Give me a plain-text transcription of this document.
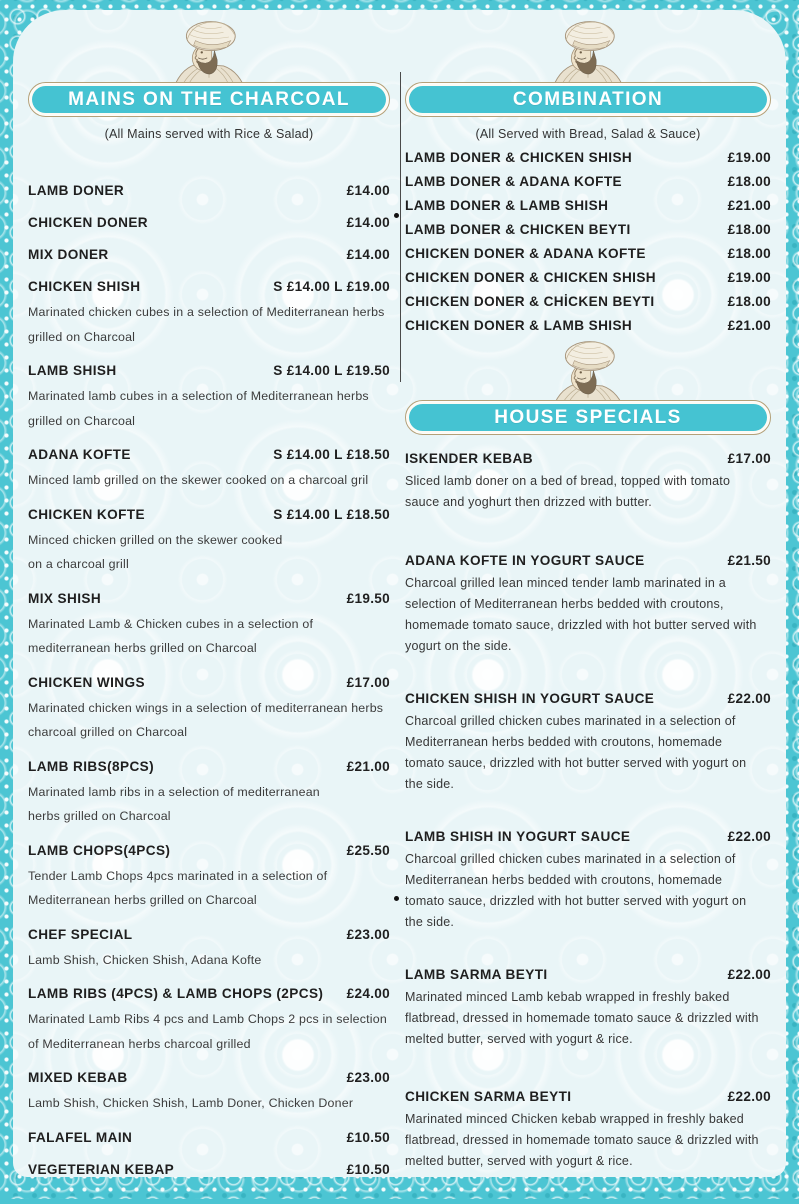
MAINS ON THE CHARCOAL
(All Mains served with Rice & Salad)
LAMB DONER	£14.00
CHICKEN DONER	£14.00
MIX DONER	£14.00
CHICKEN SHISH	S £14.00 L £19.00
Marinated chicken cubes in a selection of Mediterranean herbs
grilled on Charcoal
LAMB SHISH	S £14.00 L £19.50
Marinated lamb cubes in a selection of Mediterranean herbs
grilled on Charcoal
ADANA KOFTE	S £14.00 L £18.50
Minced lamb grilled on the skewer cooked on a charcoal gril
CHICKEN KOFTE	S £14.00 L £18.50
Minced chicken grilled on the skewer cooked
on a charcoal grill
MIX SHISH	£19.50
Marinated Lamb & Chicken cubes in a selection of
mediterranean herbs grilled on Charcoal
CHICKEN WINGS	£17.00
Marinated chicken wings in a selection of mediterranean herbs
charcoal grilled on Charcoal
LAMB RIBS(8PCS)	£21.00
Marinated lamb ribs in a selection of mediterranean
herbs grilled on Charcoal
LAMB CHOPS(4PCS)	£25.50
Tender Lamb Chops 4pcs marinated in a selection of
Mediterranean herbs grilled on Charcoal
CHEF SPECIAL	£23.00
Lamb Shish, Chicken Shish, Adana Kofte
LAMB RIBS (4PCS) & LAMB CHOPS (2PCS)	£24.00
Marinated Lamb Ribs 4 pcs and Lamb Chops 2 pcs in selection
of Mediterranean herbs charcoal grilled
MIXED KEBAB	£23.00
Lamb Shish, Chicken Shish, Lamb Doner, Chicken Doner
FALAFEL MAIN	£10.50
VEGETERIAN KEBAP	£10.50
COMBINATION
(All Served with Bread, Salad & Sauce)
LAMB DONER & CHICKEN SHISH	£19.00
LAMB DONER & ADANA KOFTE	£18.00
LAMB DONER & LAMB SHISH	£21.00
LAMB DONER & CHICKEN BEYTI	£18.00
CHICKEN DONER & ADANA KOFTE	£18.00
CHICKEN DONER & CHICKEN SHISH	£19.00
CHICKEN DONER & CHİCKEN BEYTI	£18.00
CHICKEN DONER & LAMB SHISH	£21.00
HOUSE SPECIALS
ISKENDER KEBAB	£17.00
Sliced lamb doner on a bed of bread, topped with tomato
sauce and yoghurt then drizzed with butter.
ADANA KOFTE IN YOGURT SAUCE	£21.50
Charcoal grilled lean minced tender lamb marinated in a
selection of Mediterranean herbs bedded with croutons,
homemade tomato sauce, drizzled with hot butter served with
yogurt on the side.
CHICKEN SHISH IN YOGURT SAUCE	£22.00
Charcoal grilled chicken cubes marinated in a selection of
Mediterranean herbs bedded with croutons, homemade
tomato sauce, drizzled with hot butter served with yogurt on
the side.
LAMB SHISH IN YOGURT SAUCE	£22.00
Charcoal grilled chicken cubes marinated in a selection of
Mediterranean herbs bedded with croutons, homemade
tomato sauce, drizzled with hot butter served with yogurt on
the side.
LAMB SARMA BEYTI	£22.00
Marinated minced Lamb kebab wrapped in freshly baked
flatbread, dressed in homemade tomato sauce & drizzled with
melted butter, served with yogurt & rice.
CHICKEN SARMA BEYTI	£22.00
Marinated minced Chicken kebab wrapped in freshly baked
flatbread, dressed in homemade tomato sauce & drizzled with
melted butter, served with yogurt & rice.
